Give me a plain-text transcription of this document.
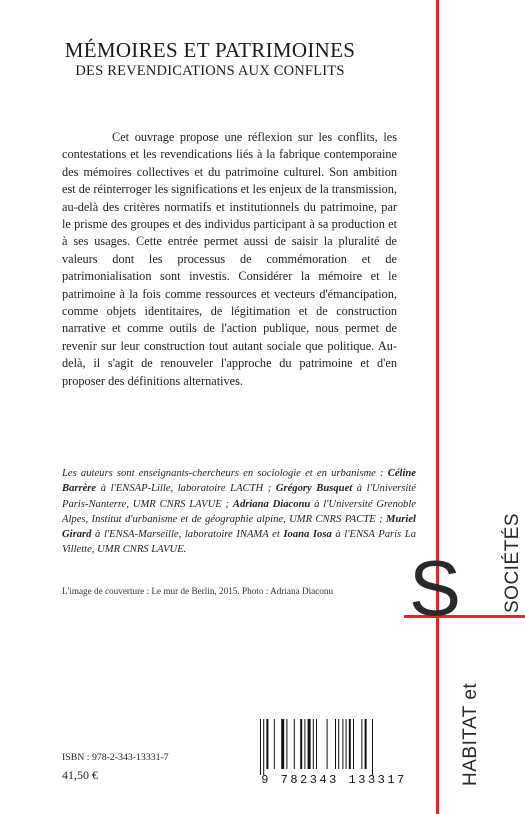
MÉMOIRES ET PATRIMOINES
DES REVENDICATIONS AUX CONFLITS

Cet ouvrage propose une réflexion sur les conflits, les contestations et les revendications liés à la fabrique contemporaine des mémoires collectives et du patrimoine culturel. Son ambition est de réinterroger les significations et les enjeux de la transmission, au-delà des critères normatifs et institutionnels du patrimoine, par le prisme des groupes et des individus participant à sa production et à ses usages. Cette entrée permet aussi de saisir la pluralité de valeurs dont les processus de commémoration et de patrimonialisation sont investis. Considérer la mémoire et le patrimoine à la fois comme ressources et vecteurs d'émancipation, comme objets identitaires, de légitimation et de construction narrative et comme outils de l'action publique, nous permet de revenir sur leur construction tout autant sociale que politique. Au-delà, il s'agit de renouveler l'approche du patrimoine et d'en proposer des définitions alternatives.

Les auteurs sont enseignants-chercheurs en sociologie et en urbanisme : Céline Barrère à l'ENSAP-Lille, laboratoire LACTH ; Grégory Busquet à l'Université Paris-Nanterre, UMR CNRS LAVUE ; Adriana Diaconu à l'Université Grenoble Alpes, Institut d'urbanisme et de géographie alpine, UMR CNRS PACTE ; Muriel Girard à l'ENSA-Marseille, laboratoire INAMA et Ioana Iosa à l'ENSA Paris La Villette, UMR CNRS LAVUE.

L'image de couverture : Le mur de Berlin, 2015. Photo : Adriana Diaconu S SOCIÉTÉS
HABITAT et
ISBN : 978-2-343-13331-7
41,50 €	9 782343 133317
